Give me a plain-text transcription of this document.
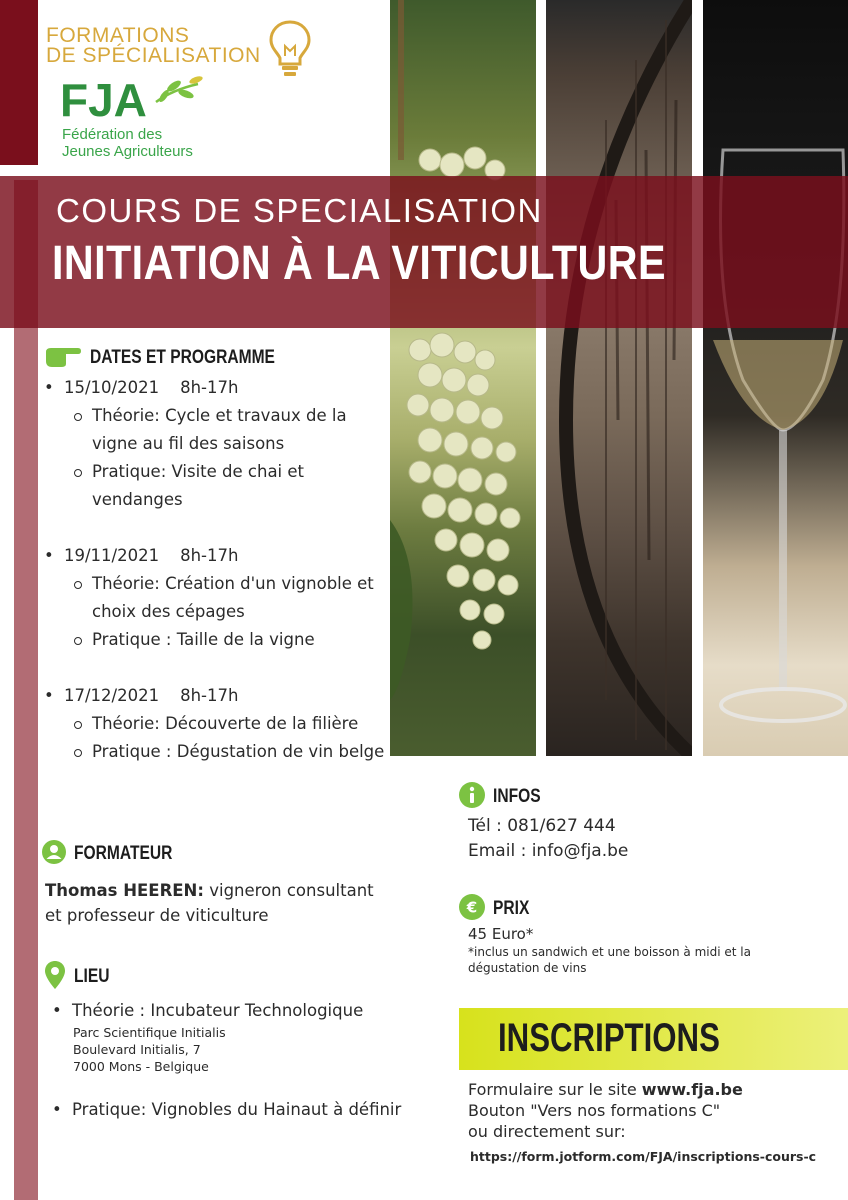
FORMATIONS
DE SPÉCIALISATION
FJA
Fédération des
Jeunes Agriculteurs
COURS DE SPECIALISATION
INITIATION À LA VITICULTURE
DATES ET PROGRAMME
• 15/10/2021 8h-17h
Théorie: Cycle et travaux de la vigne au fil des saisons
Pratique: Visite de chai et vendanges
• 19/11/2021 8h-17h
Théorie: Création d'un vignoble et choix des cépages
Pratique : Taille de la vigne
• 17/12/2021 8h-17h
Théorie: Découverte de la filière
Pratique : Dégustation de vin belge
FORMATEUR
Thomas HEEREN: vigneron consultant et professeur de viticulture
LIEU
• Théorie : Incubateur Technologique
Parc Scientifique Initialis
Boulevard Initialis, 7
7000 Mons - Belgique
• Pratique: Vignobles du Hainaut à définir
INFOS
Tél : 081/627 444
Email : info@fja.be
€ PRIX
45 Euro*
*inclus un sandwich et une boisson à midi et la dégustation de vins
INSCRIPTIONS
Formulaire sur le site www.fja.be
Bouton "Vers nos formations C"
ou directement sur:
https://form.jotform.com/FJA/inscriptions-cours-c
